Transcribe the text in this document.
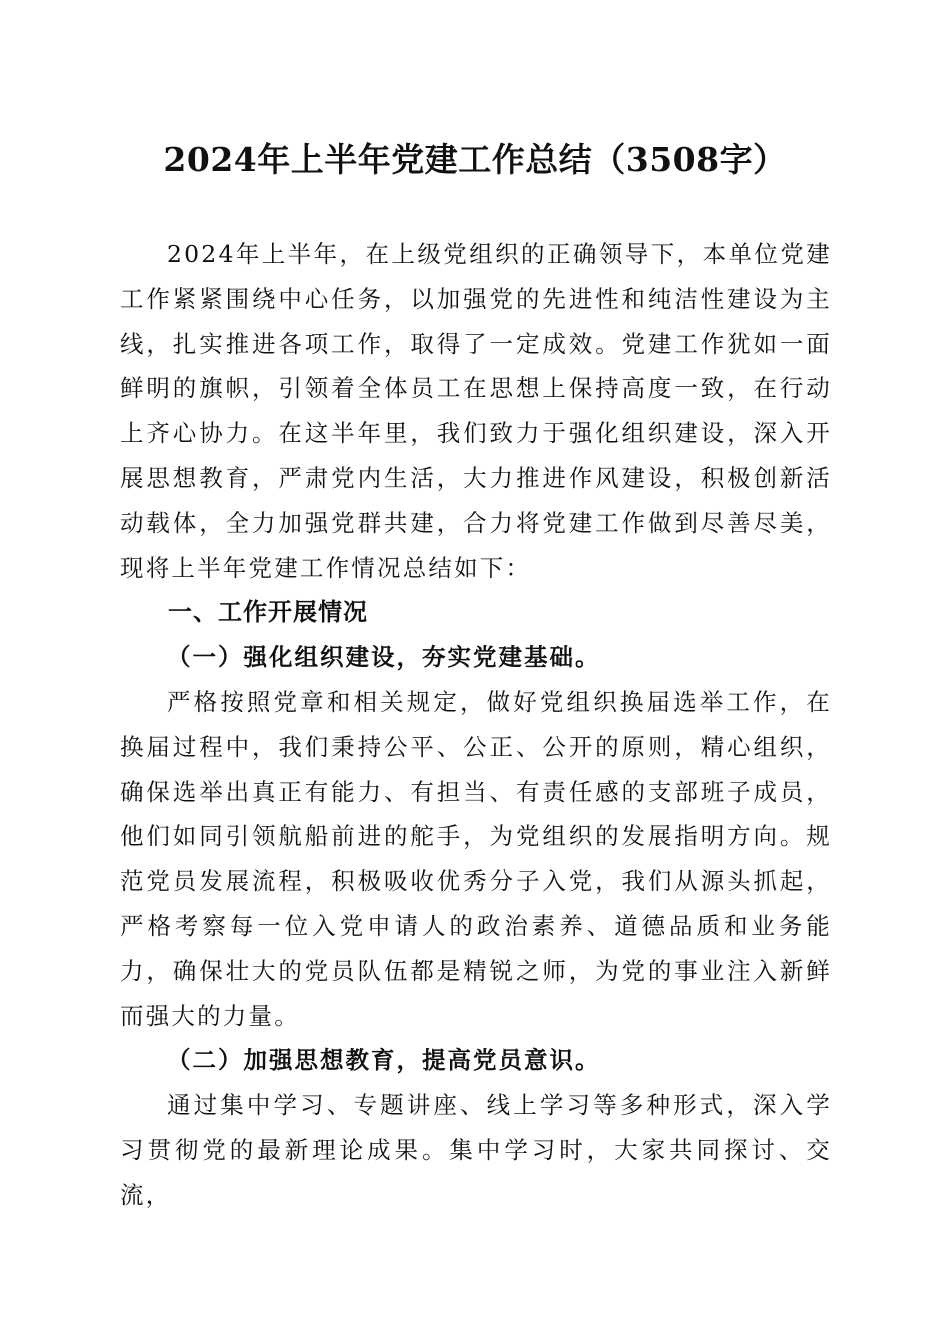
2024年上半年党建工作总结（3508字）

2024年上半年，在上级党组织的正确领导下，本单位党建工作紧紧围绕中心任务，以加强党的先进性和纯洁性建设为主线，扎实推进各项工作，取得了一定成效。党建工作犹如一面鲜明的旗帜，引领着全体员工在思想上保持高度一致，在行动上齐心协力。在这半年里，我们致力于强化组织建设，深入开展思想教育，严肃党内生活，大力推进作风建设，积极创新活动载体，全力加强党群共建，合力将党建工作做到尽善尽美，现将上半年党建工作情况总结如下：

一、工作开展情况

（一）强化组织建设，夯实党建基础。

严格按照党章和相关规定，做好党组织换届选举工作，在换届过程中，我们秉持公平、公正、公开的原则，精心组织，确保选举出真正有能力、有担当、有责任感的支部班子成员，他们如同引领航船前进的舵手，为党组织的发展指明方向。规范党员发展流程，积极吸收优秀分子入党，我们从源头抓起，严格考察每一位入党申请人的政治素养、道德品质和业务能力，确保壮大的党员队伍都是精锐之师，为党的事业注入新鲜而强大的力量。

（二）加强思想教育，提高党员意识。

通过集中学习、专题讲座、线上学习等多种形式，深入学习贯彻党的最新理论成果。集中学习时，大家共同探讨、交流，
